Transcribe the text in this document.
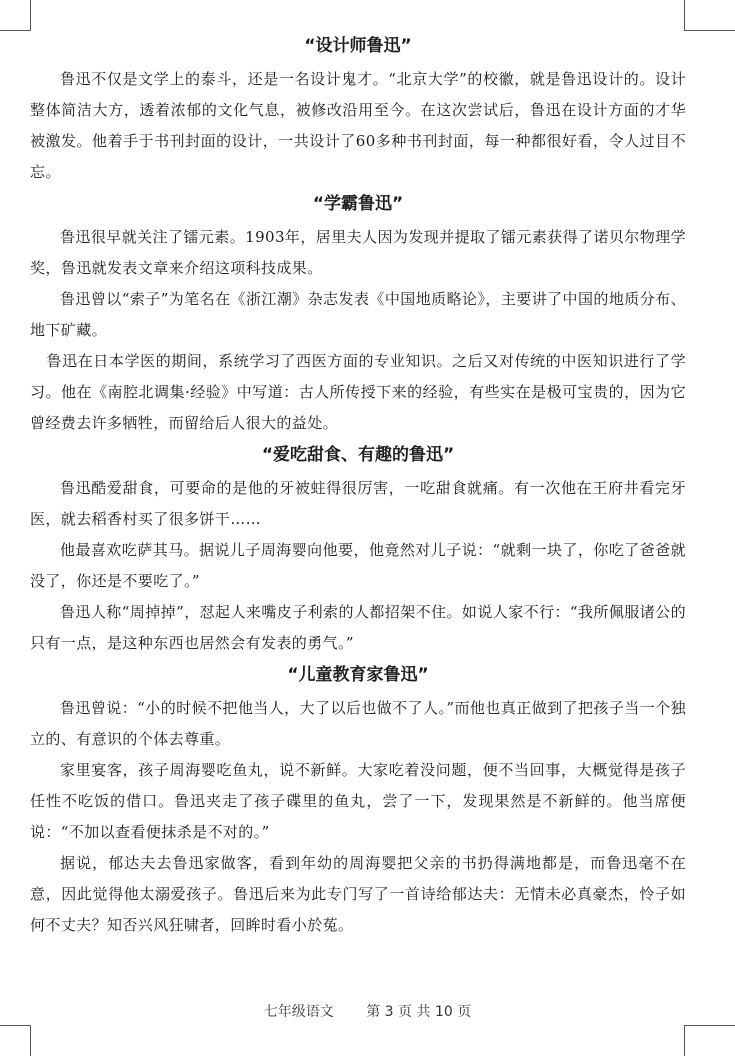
“设计师鲁迅”

鲁迅不仅是文学上的泰斗，还是一名设计鬼才。“北京大学”的校徽，就是鲁迅设计的。设计整体简洁大方，透着浓郁的文化气息，被修改沿用至今。在这次尝试后，鲁迅在设计方面的才华被激发。他着手于书刊封面的设计，一共设计了60多种书刊封面，每一种都很好看，令人过目不忘。

“学霸鲁迅”

鲁迅很早就关注了镭元素。1903年，居里夫人因为发现并提取了镭元素获得了诺贝尔物理学奖，鲁迅就发表文章来介绍这项科技成果。

鲁迅曾以“索子”为笔名在《浙江潮》杂志发表《中国地质略论》，主要讲了中国的地质分布、地下矿藏。

鲁迅在日本学医的期间，系统学习了西医方面的专业知识。之后又对传统的中医知识进行了学习。他在《南腔北调集·经验》中写道：古人所传授下来的经验，有些实在是极可宝贵的，因为它曾经费去许多牺牲，而留给后人很大的益处。

“爱吃甜食、有趣的鲁迅”

鲁迅酷爱甜食，可要命的是他的牙被蛀得很厉害，一吃甜食就痛。有一次他在王府井看完牙医，就去稻香村买了很多饼干……

他最喜欢吃萨其马。据说儿子周海婴向他要，他竟然对儿子说：“就剩一块了，你吃了爸爸就没了，你还是不要吃了。”

鲁迅人称“周掉掉”，怼起人来嘴皮子利索的人都招架不住。如说人家不行：“我所佩服诸公的只有一点，是这种东西也居然会有发表的勇气。”

“儿童教育家鲁迅”

鲁迅曾说：“小的时候不把他当人，大了以后也做不了人。”而他也真正做到了把孩子当一个独立的、有意识的个体去尊重。

家里宴客，孩子周海婴吃鱼丸，说不新鲜。大家吃着没问题，便不当回事，大概觉得是孩子任性不吃饭的借口。鲁迅夹走了孩子碟里的鱼丸，尝了一下，发现果然是不新鲜的。他当席便说：“不加以查看便抹杀是不对的。”

据说，郁达夫去鲁迅家做客，看到年幼的周海婴把父亲的书扔得满地都是，而鲁迅毫不在意，因此觉得他太溺爱孩子。鲁迅后来为此专门写了一首诗给郁达夫：无情未必真豪杰，怜子如何不丈夫？知否兴风狂啸者，回眸时看小於菟。

七年级语文 第 3 页 共 10 页
